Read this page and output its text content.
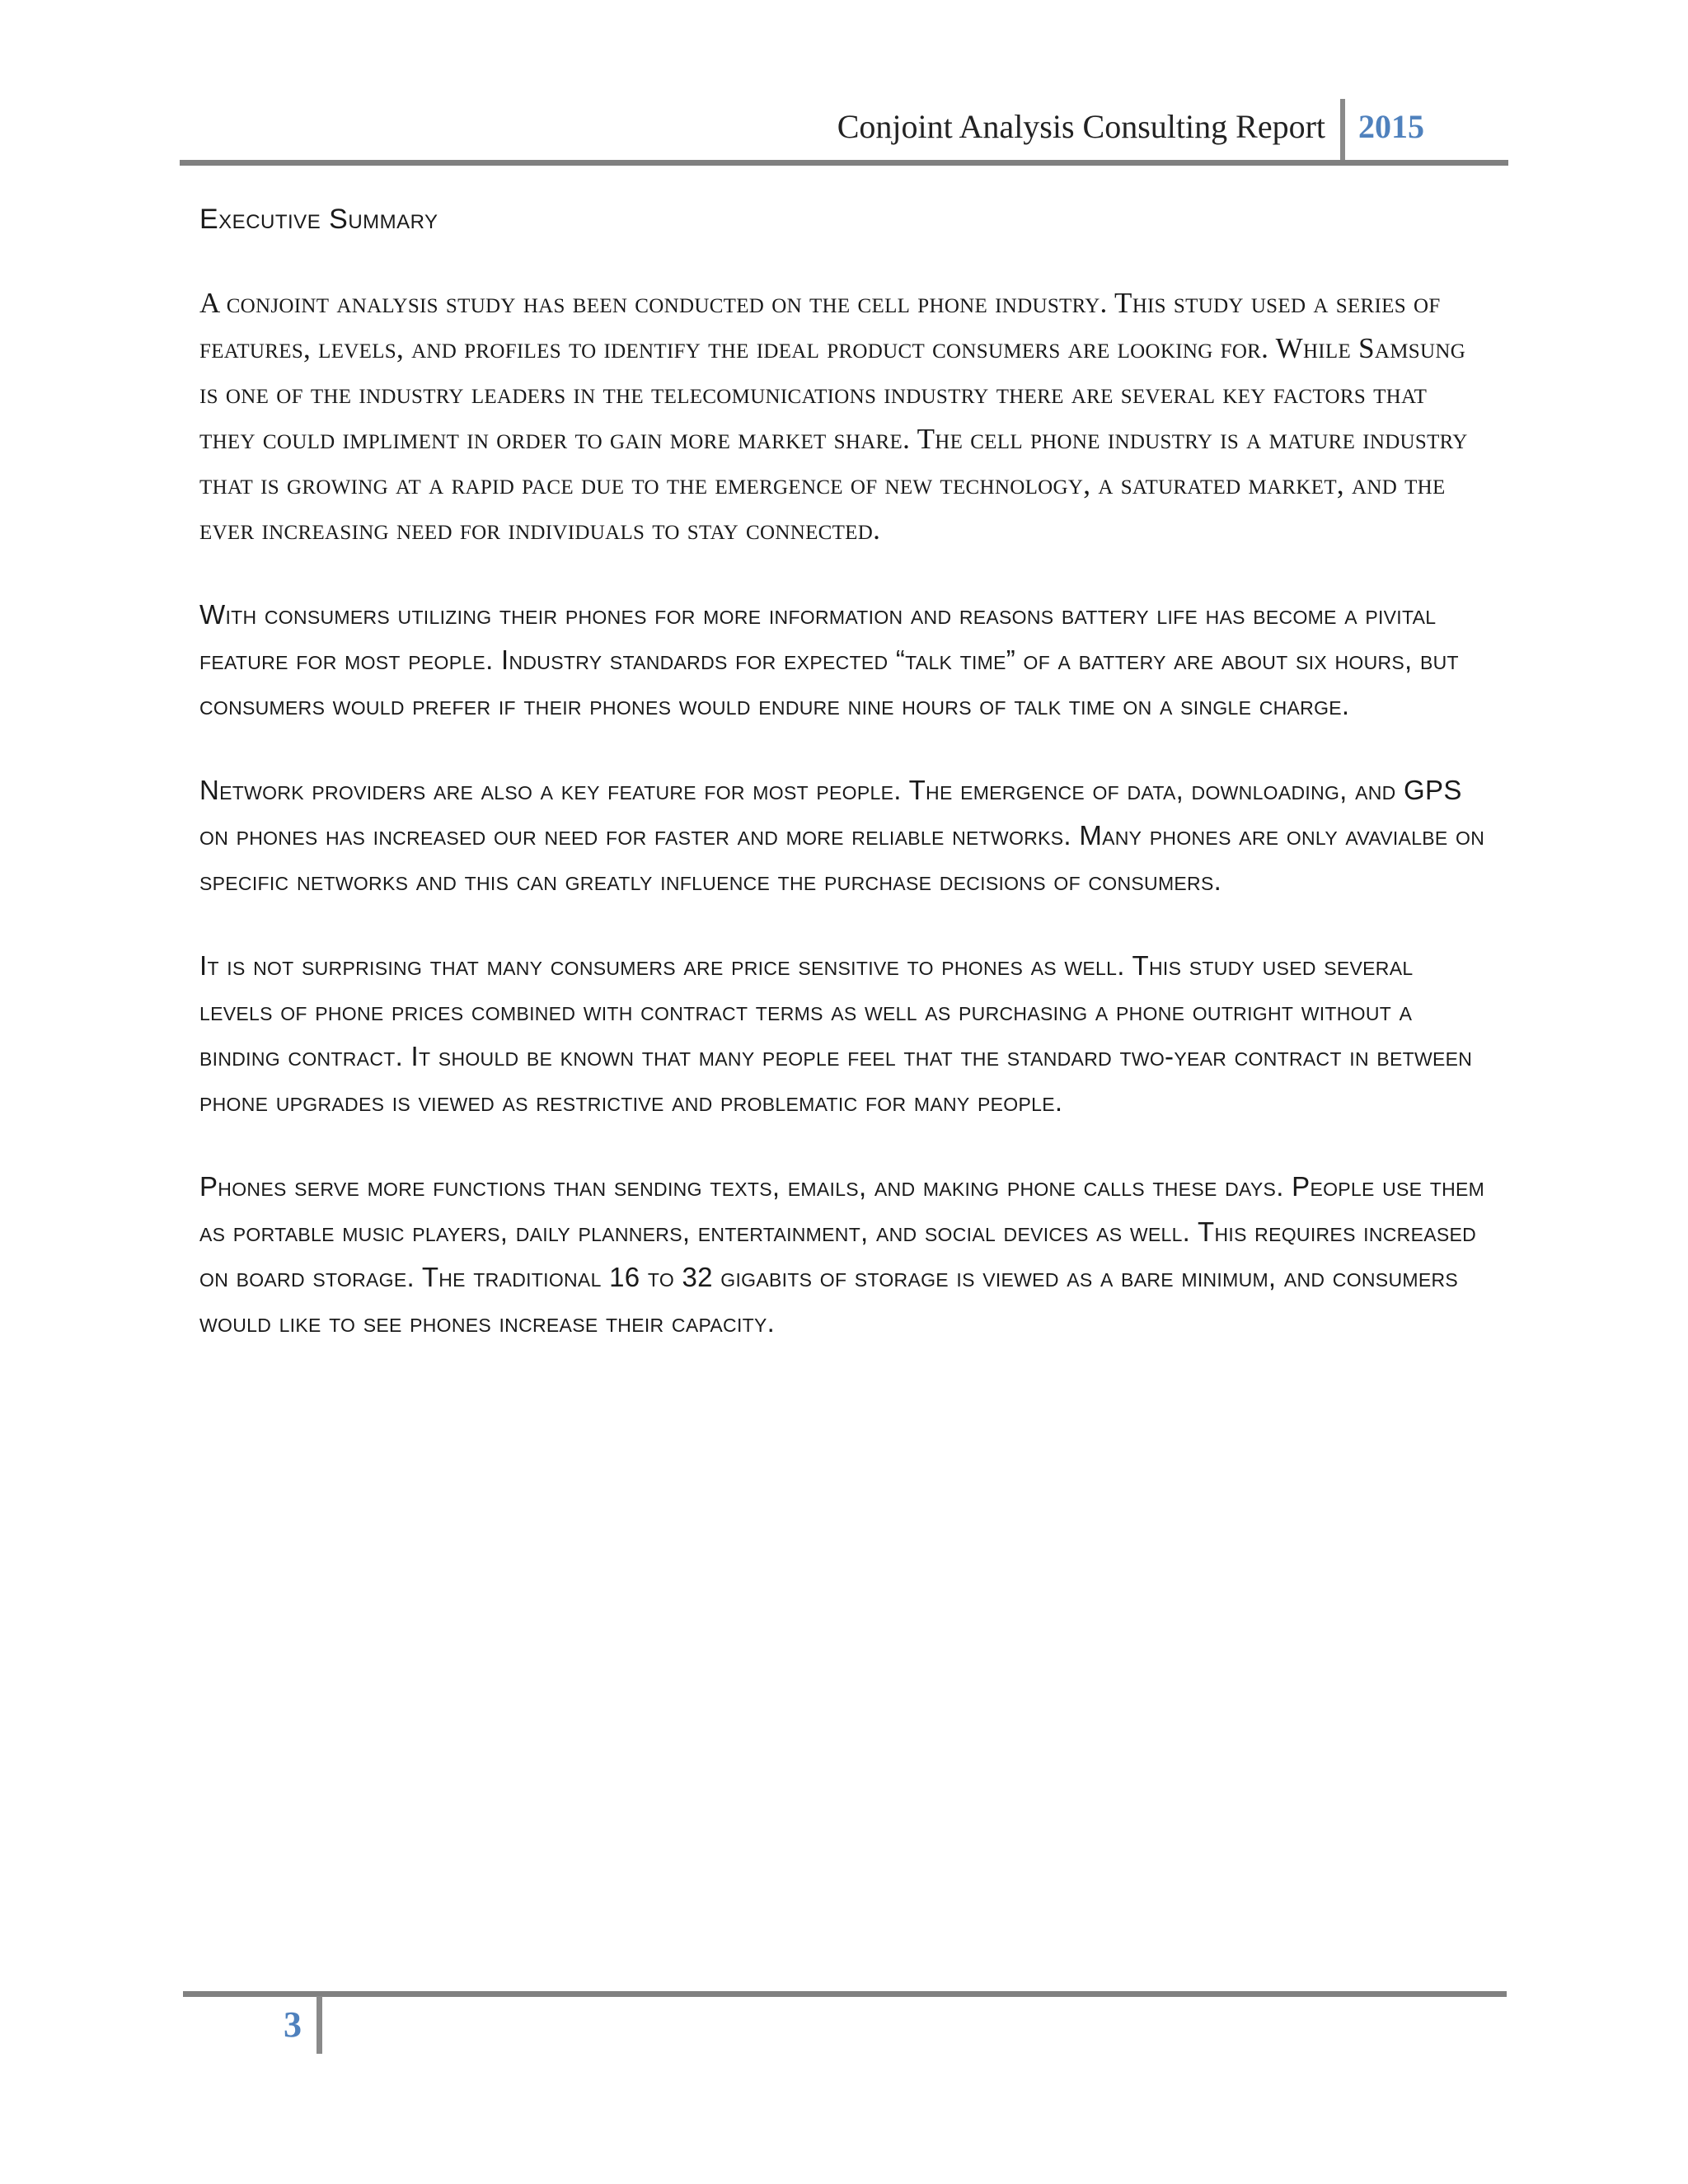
Conjoint Analysis Consulting Report 2015
Executive Summary

A conjoint analysis study has been conducted on the cell phone industry. This study used a series of features, levels, and profiles to identify the ideal product consumers are looking for. While Samsung is one of the industry leaders in the telecomunications industry there are several key factors that they could impliment in order to gain more market share. The cell phone industry is a mature industry that is growing at a rapid pace due to the emergence of new technology, a saturated market, and the ever increasing need for individuals to stay connected.

With consumers utilizing their phones for more information and reasons battery life has become a pivital feature for most people. Industry standards for expected “talk time” of a battery are about six hours, but consumers would prefer if their phones would endure nine hours of talk time on a single charge.

Network providers are also a key feature for most people. The emergence of data, downloading, and GPS on phones has increased our need for faster and more reliable networks. Many phones are only avavialbe on specific networks and this can greatly influence the purchase decisions of consumers.

It is not surprising that many consumers are price sensitive to phones as well. This study used several levels of phone prices combined with contract terms as well as purchasing a phone outright without a binding contract. It should be known that many people feel that the standard two-year contract in between phone upgrades is viewed as restrictive and problematic for many people.

Phones serve more functions than sending texts, emails, and making phone calls these days. People use them as portable music players, daily planners, entertainment, and social devices as well. This requires increased on board storage. The traditional 16 to 32 gigabits of storage is viewed as a bare minimum, and consumers would like to see phones increase their capacity.

3
